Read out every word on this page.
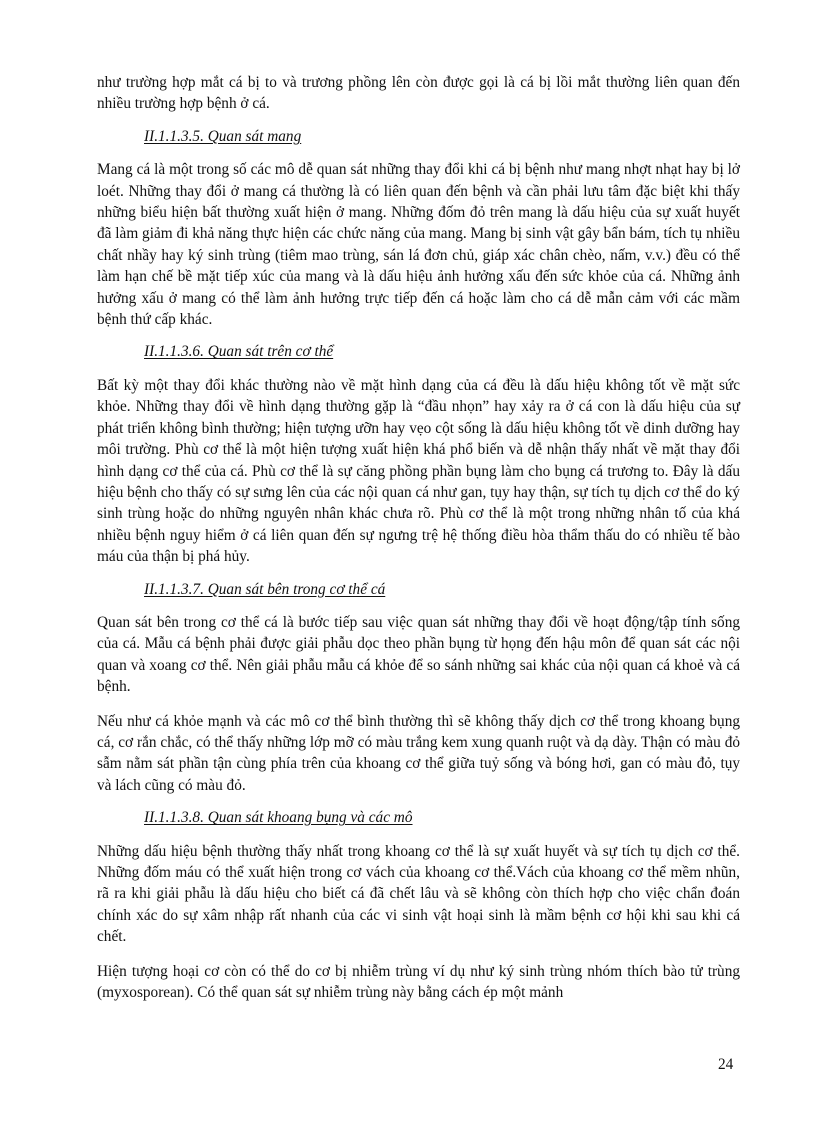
như trường hợp mắt cá bị to và trương phồng lên còn được gọi là cá bị lồi mắt thường liên quan đến nhiều trường hợp bệnh ở cá.

II.1.1.3.5. Quan sát mang

Mang cá là một trong số các mô dễ quan sát những thay đổi khi cá bị bệnh như mang nhợt nhạt hay bị lở loét. Những thay đổi ở mang cá thường là có liên quan đến bệnh và cần phải lưu tâm đặc biệt khi thấy những biểu hiện bất thường xuất hiện ở mang. Những đốm đỏ trên mang là dấu hiệu của sự xuất huyết đã làm giảm đi khả năng thực hiện các chức năng của mang. Mang bị sinh vật gây bẩn bám, tích tụ nhiều chất nhầy hay ký sinh trùng (tiêm mao trùng, sán lá đơn chủ, giáp xác chân chèo, nấm, v.v.) đều có thể làm hạn chế bề mặt tiếp xúc của mang và là dấu hiệu ảnh hưởng xấu đến sức khỏe của cá. Những ảnh hưởng xấu ở mang có thể làm ảnh hưởng trực tiếp đến cá hoặc làm cho cá dễ mẫn cảm với các mầm bệnh thứ cấp khác.

II.1.1.3.6. Quan sát trên cơ thể

Bất kỳ một thay đổi khác thường nào về mặt hình dạng của cá đều là dấu hiệu không tốt về mặt sức khỏe. Những thay đổi về hình dạng thường gặp là “đầu nhọn” hay xảy ra ở cá con là dấu hiệu của sự phát triển không bình thường; hiện tượng ưỡn hay vẹo cột sống là dấu hiệu không tốt về dinh dưỡng hay môi trường. Phù cơ thể là một hiện tượng xuất hiện khá phổ biến và dễ nhận thấy nhất về mặt thay đổi hình dạng cơ thể của cá. Phù cơ thể là sự căng phồng phần bụng làm cho bụng cá trương to. Đây là dấu hiệu bệnh cho thấy có sự sưng lên của các nội quan cá như gan, tụy hay thận, sự tích tụ dịch cơ thể do ký sinh trùng hoặc do những nguyên nhân khác chưa rõ. Phù cơ thể là một trong những nhân tố của khá nhiều bệnh nguy hiểm ở cá liên quan đến sự ngưng trệ hệ thống điều hòa thẩm thấu do có nhiều tế bào máu của thận bị phá hủy.

II.1.1.3.7. Quan sát bên trong cơ thể cá

Quan sát bên trong cơ thể cá là bước tiếp sau việc quan sát những thay đổi về hoạt động/tập tính sống của cá. Mẫu cá bệnh phải được giải phẫu dọc theo phần bụng từ họng đến hậu môn để quan sát các nội quan và xoang cơ thể. Nên giải phẫu mẫu cá khỏe để so sánh những sai khác của nội quan cá khoẻ và cá bệnh.

Nếu như cá khỏe mạnh và các mô cơ thể bình thường thì sẽ không thấy dịch cơ thể trong khoang bụng cá, cơ rắn chắc, có thể thấy những lớp mỡ có màu trắng kem xung quanh ruột và dạ dày. Thận có màu đỏ sẫm nằm sát phần tận cùng phía trên của khoang cơ thể giữa tuỷ sống và bóng hơi, gan có màu đỏ, tụy và lách cũng có màu đỏ.

II.1.1.3.8. Quan sát khoang bụng và các mô

Những dấu hiệu bệnh thường thấy nhất trong khoang cơ thể là sự xuất huyết và sự tích tụ dịch cơ thể. Những đốm máu có thể xuất hiện trong cơ vách của khoang cơ thể.Vách của khoang cơ thể mềm nhũn, rã ra khi giải phẫu là dấu hiệu cho biết cá đã chết lâu và sẽ không còn thích hợp cho việc chẩn đoán chính xác do sự xâm nhập rất nhanh của các vi sinh vật hoại sinh là mầm bệnh cơ hội khi sau khi cá chết.

Hiện tượng hoại cơ còn có thể do cơ bị nhiễm trùng ví dụ như ký sinh trùng nhóm thích bào tử trùng (myxosporean). Có thể quan sát sự nhiễm trùng này bằng cách ép một mảnh

24
